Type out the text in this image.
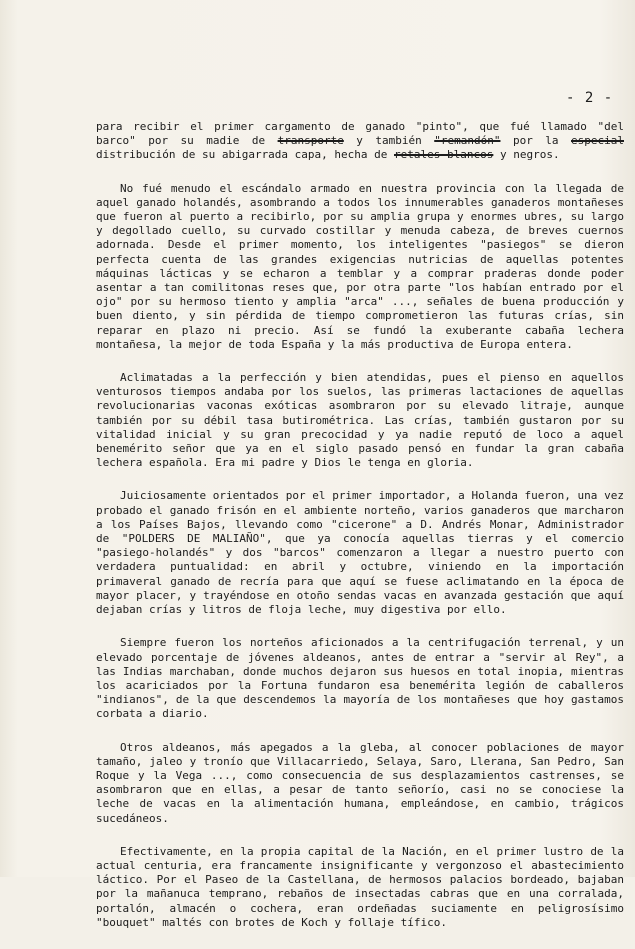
- 2 -

para recibir el primer cargamento de ganado "pinto", que fué llamado "del barco" por su madie de transporte y también "remandón" por la especial distribución de su abigarrada capa, hecha de retales blancos y negros.

No fué menudo el escándalo armado en nuestra provincia con la llegada de aquel ganado holandés, asombrando a todos los innumerables ganaderos montañeses que fueron al puerto a recibirlo, por su amplia grupa y enormes ubres, su largo y degollado cuello, su curvado costillar y menuda cabeza, de breves cuernos adornada. Desde el primer momento, los inteligentes "pasiegos" se dieron perfecta cuenta de las grandes exigencias nutricias de aquellas potentes máquinas lácticas y se echaron a temblar y a comprar praderas donde poder asentar a tan comilitonas reses que, por otra parte "los habían entrado por el ojo" por su hermoso tiento y amplia "arca" ..., señales de buena producción y buen diento, y sin pérdida de tiempo comprometieron las futuras crías, sin reparar en plazo ni precio. Así se fundó la exuberante cabaña lechera montañesa, la mejor de toda España y la más productiva de Europa entera.

Aclimatadas a la perfección y bien atendidas, pues el pienso en aquellos venturosos tiempos andaba por los suelos, las primeras lactaciones de aquellas revolucionarias vaconas exóticas asombraron por su elevado litraje, aunque también por su débil tasa butirométrica. Las crías, también gustaron por su vitalidad inicial y su gran precocidad y ya nadie reputó de loco a aquel benemérito señor que ya en el siglo pasado pensó en fundar la gran cabaña lechera española. Era mi padre y Dios le tenga en gloria.

Juiciosamente orientados por el primer importador, a Holanda fueron, una vez probado el ganado frisón en el ambiente norteño, varios ganaderos que marcharon a los Países Bajos, llevando como "cicerone" a D. Andrés Monar, Administrador de "POLDERS DE MALIAÑO", que ya conocía aquellas tierras y el comercio "pasiego-holandés" y dos "barcos" comenzaron a llegar a nuestro puerto con verdadera puntualidad: en abril y octubre, viniendo en la importación primaveral ganado de recría para que aquí se fuese aclimatando en la época de mayor placer, y trayéndose en otoño sendas vacas en avanzada gestación que aquí dejaban crías y litros de floja leche, muy digestiva por ello.

Siempre fueron los norteños aficionados a la centrifugación terrenal, y un elevado porcentaje de jóvenes aldeanos, antes de entrar a "servir al Rey", a las Indias marchaban, donde muchos dejaron sus huesos en total inopia, mientras los acariciados por la Fortuna fundaron esa benemérita legión de caballeros "indianos", de la que descendemos la mayoría de los montañeses que hoy gastamos corbata a diario.

Otros aldeanos, más apegados a la gleba, al conocer poblaciones de mayor tamaño, jaleo y tronío que Villacarriedo, Selaya, Saro, Llerana, San Pedro, San Roque y la Vega ..., como consecuencia de sus desplazamientos castrenses, se asombraron que en ellas, a pesar de tanto señorío, casi no se conociese la leche de vacas en la alimentación humana, empleándose, en cambio, trágicos sucedáneos.

Efectivamente, en la propia capital de la Nación, en el primer lustro de la actual centuria, era francamente insignificante y vergonzoso el abastecimiento láctico. Por el Paseo de la Castellana, de hermosos palacios bordeado, bajaban por la mañanuca temprano, rebaños de insectadas cabras que en una corralada, portalón, almacén o cochera, eran ordeñadas suciamente en peligrosísimo "bouquet" maltés con brotes de Koch y follaje tífico.
